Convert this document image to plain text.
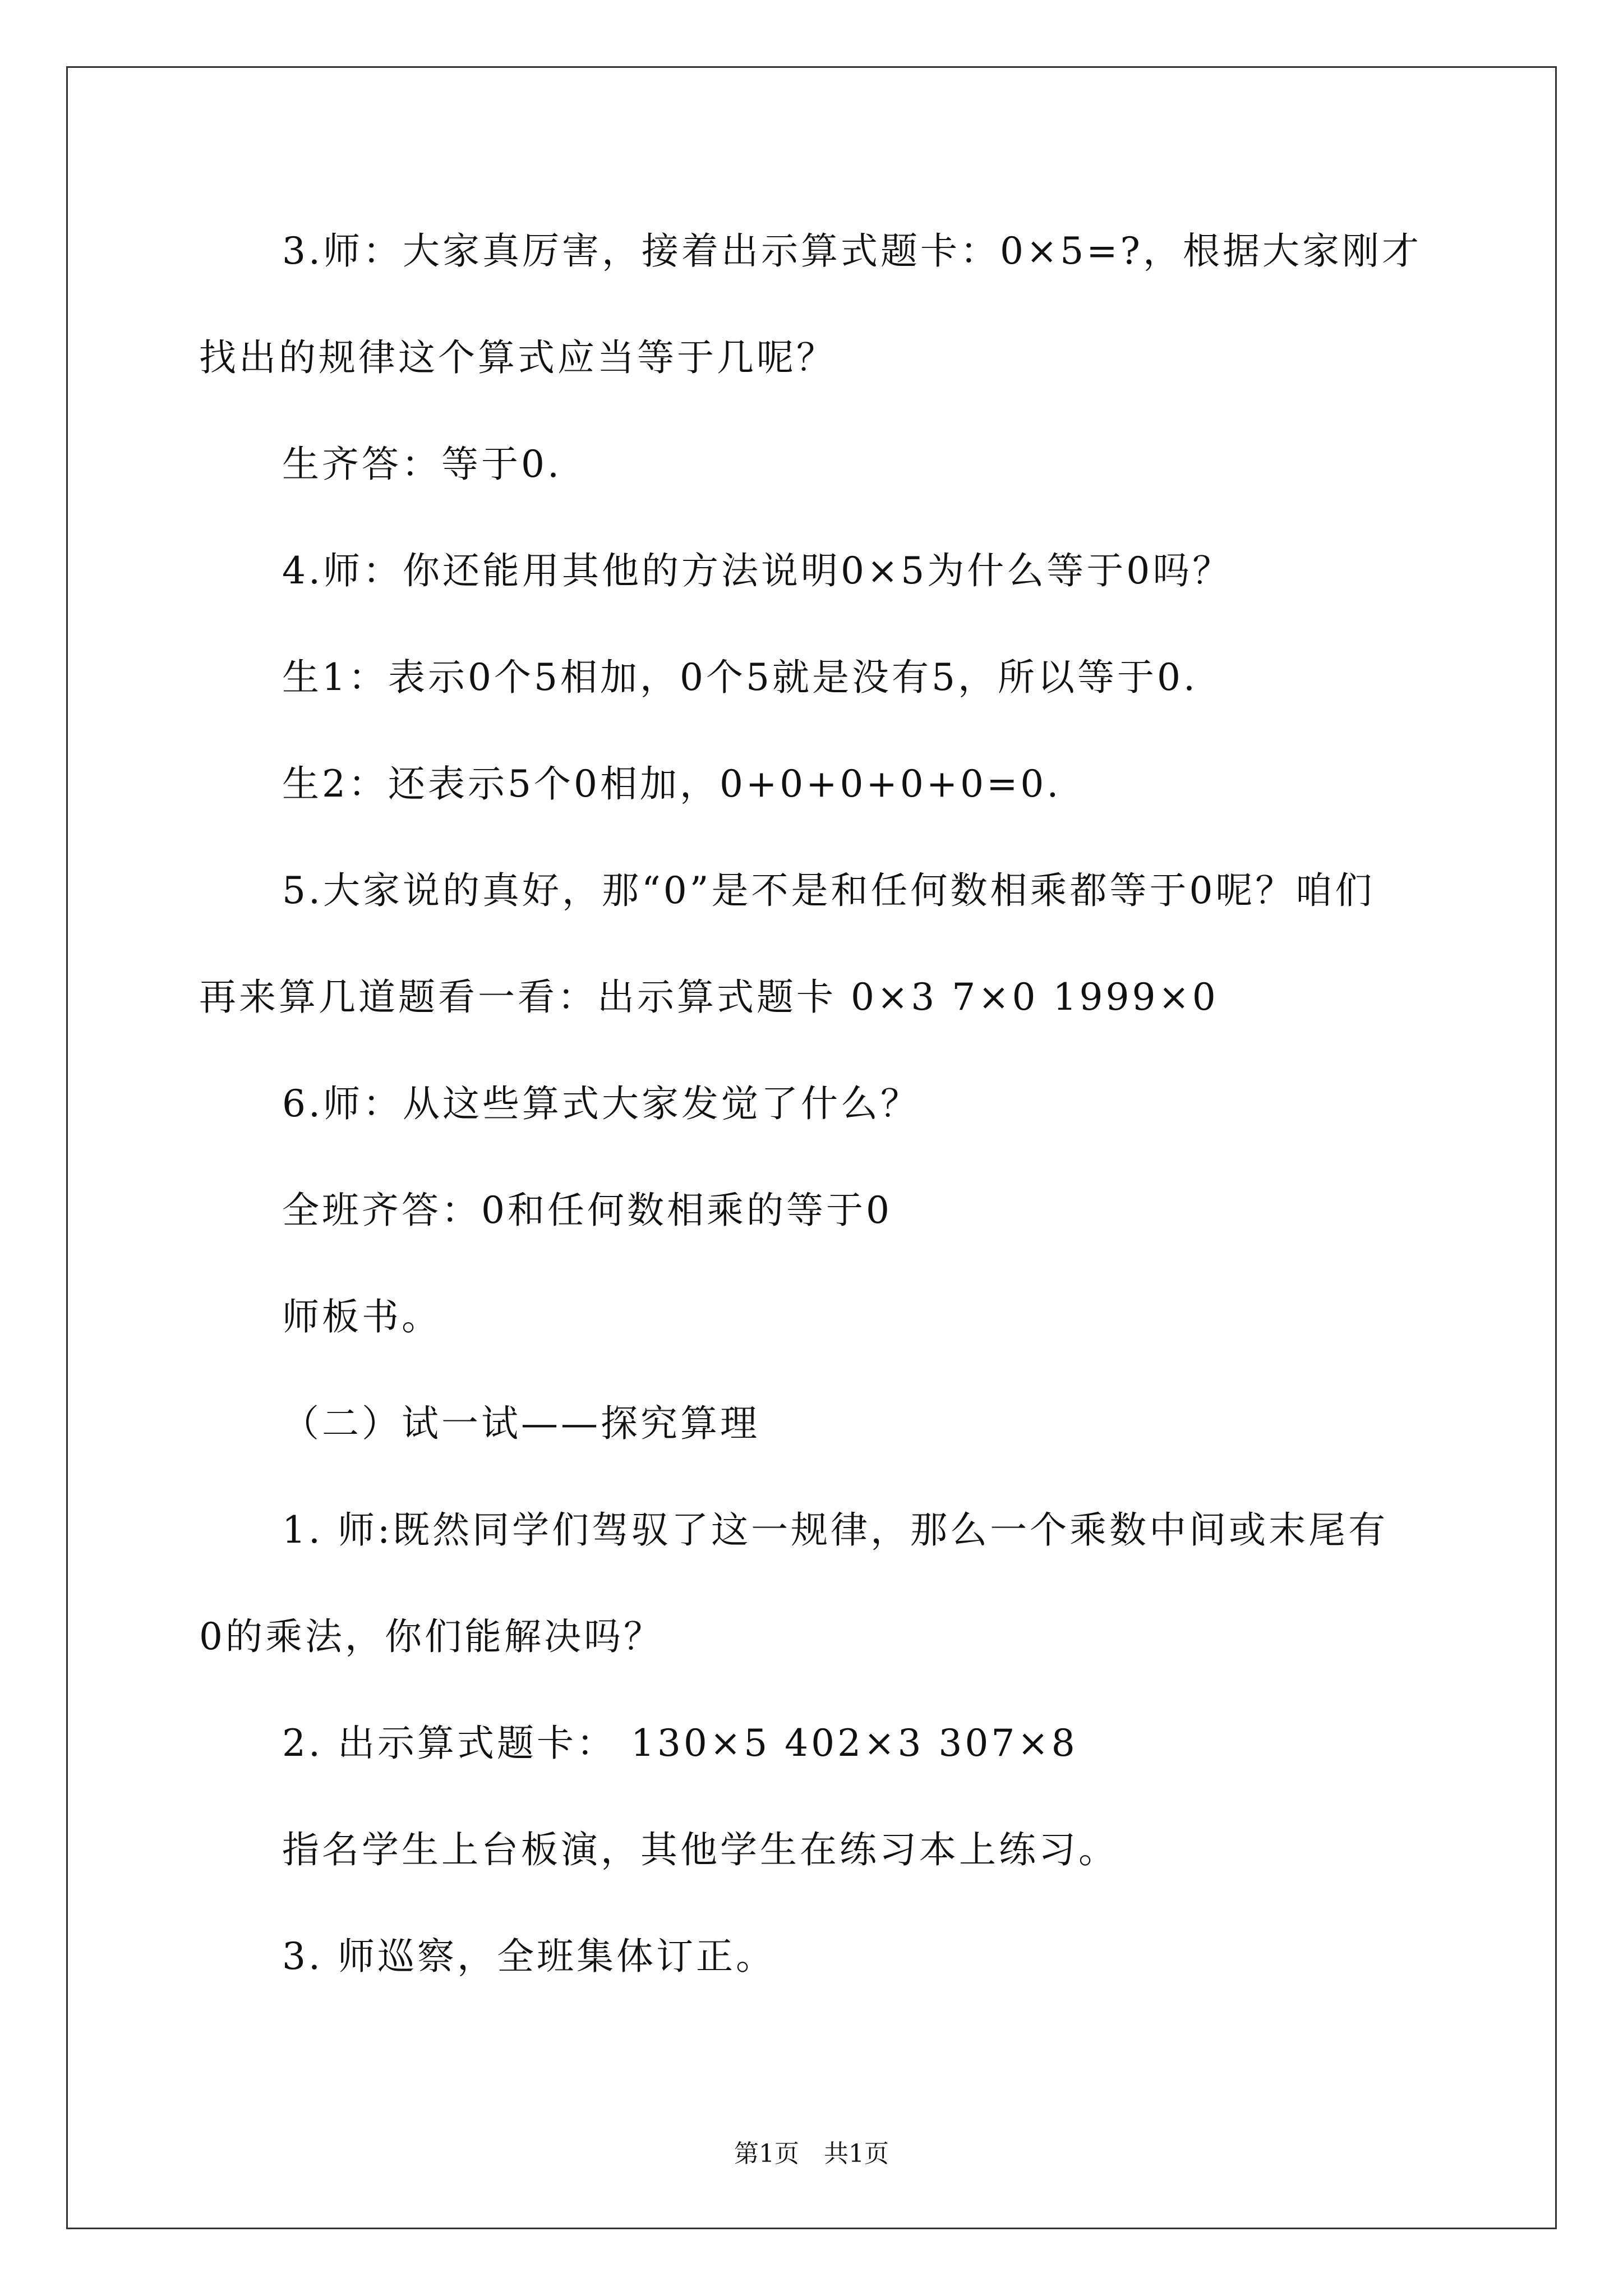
3.师：大家真厉害，接着出示算式题卡：0×5=?，根据大家刚才
找出的规律这个算式应当等于几呢？
生齐答：等于0.
4.师：你还能用其他的方法说明0×5为什么等于0吗？
生1：表示0个5相加，0个5就是没有5，所以等于0.
生2：还表示5个0相加，0+0+0+0+0=0.
5.大家说的真好，那“0”是不是和任何数相乘都等于0呢？咱们
再来算几道题看一看：出示算式题卡 0×3 7×0 1999×0
6.师：从这些算式大家发觉了什么？
全班齐答：0和任何数相乘的等于0
师板书。
（二）试一试——探究算理
1. 师:既然同学们驾驭了这一规律，那么一个乘数中间或末尾有
0的乘法，你们能解决吗？
2. 出示算式题卡： 130×5 402×3 307×8
指名学生上台板演，其他学生在练习本上练习。
3. 师巡察，全班集体订正。
第1页　共1页
